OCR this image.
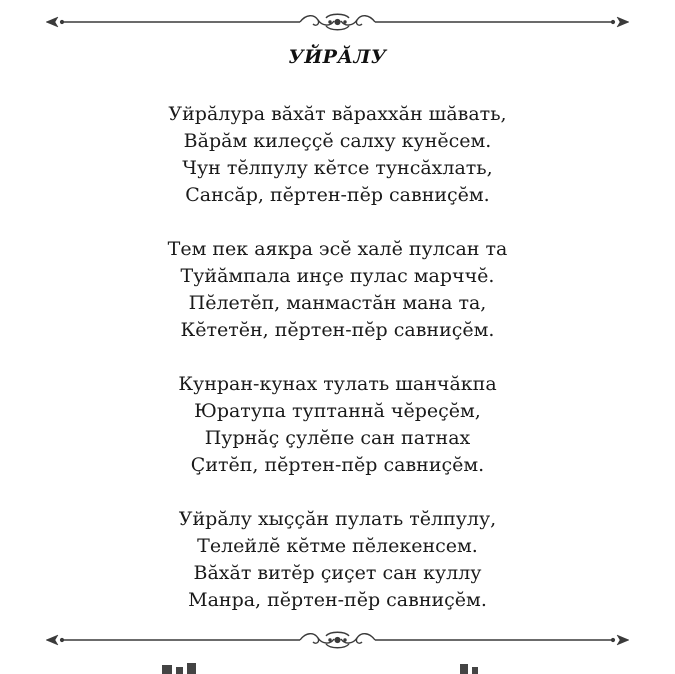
УЙРӐЛУ
Уйрӑлура вӑхӑт вӑраххӑн шӑвать,
Вӑрӑм килеҫҫӗ салху кунӗсем.
Чун тӗлпулу кӗтсе тунсӑхлать,
Сансӑр, пӗртен-пӗр савниҫӗм.
Тем пек аякра эсӗ халӗ пулсан та
Туйӑмпала инҫе пулас марччӗ.
Пӗлетӗп, манмастӑн мана та,
Кӗтетӗн, пӗртен-пӗр савниҫӗм.
Кунран-кунах тулать шанчӑкпа
Юратупа туптаннӑ чӗреҫӗм,
Пурнӑҫ ҫулӗпе сан патнах
Ҫитӗп, пӗртен-пӗр савниҫӗм.
Уйрӑлу хыҫҫӑн пулать тӗлпулу,
Телейлӗ кӗтме пӗлекенсем.
Вӑхӑт витӗр ҫиҫет сан куллу
Манра, пӗртен-пӗр савниҫӗм.
